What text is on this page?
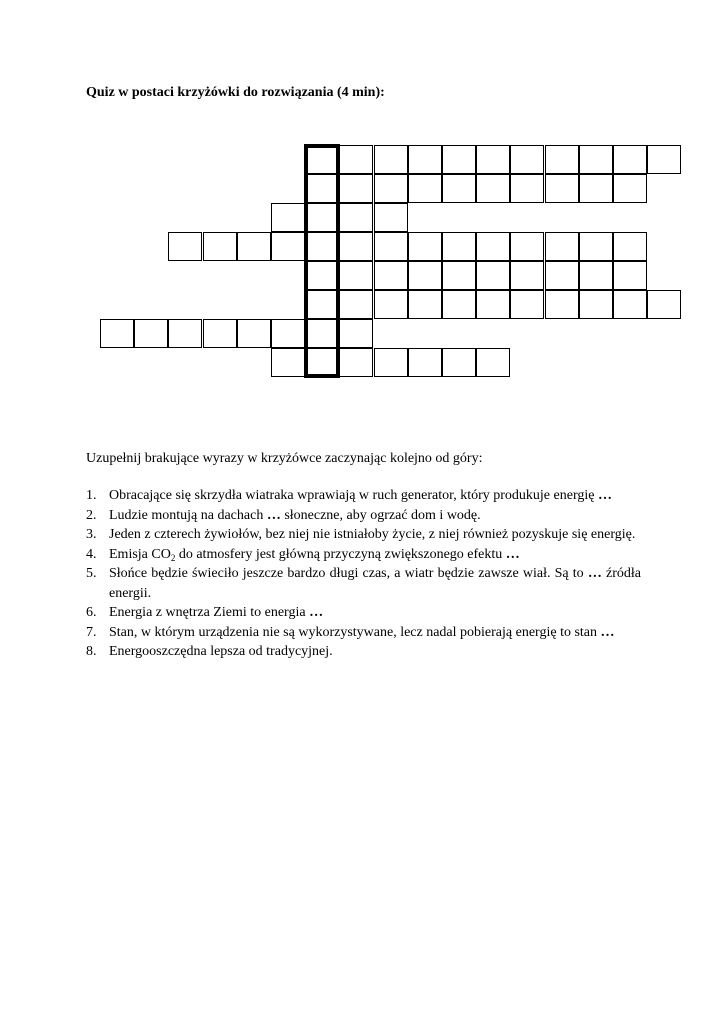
Quiz w postaci krzyżówki do rozwiązania (4 min):
Uzupełnij brakujące wyrazy w krzyżówce zaczynając kolejno od góry:
1. Obracające się skrzydła wiatraka wprawiają w ruch generator, który produkuje energię …
2. Ludzie montują na dachach … słoneczne, aby ogrzać dom i wodę.
3. Jeden z czterech żywiołów, bez niej nie istniałoby życie, z niej również pozyskuje się energię.
4. Emisja $CO_2$ do atmosfery jest główną przyczyną zwiększonego efektu …
5. Słońce będzie świeciło jeszcze bardzo długi czas, a wiatr będzie zawsze wiał. Są to … źródła energii.
6. Energia z wnętrza Ziemi to energia …
7. Stan, w którym urządzenia nie są wykorzystywane, lecz nadal pobierają energię to stan …
8. Energooszczędna lepsza od tradycyjnej.
